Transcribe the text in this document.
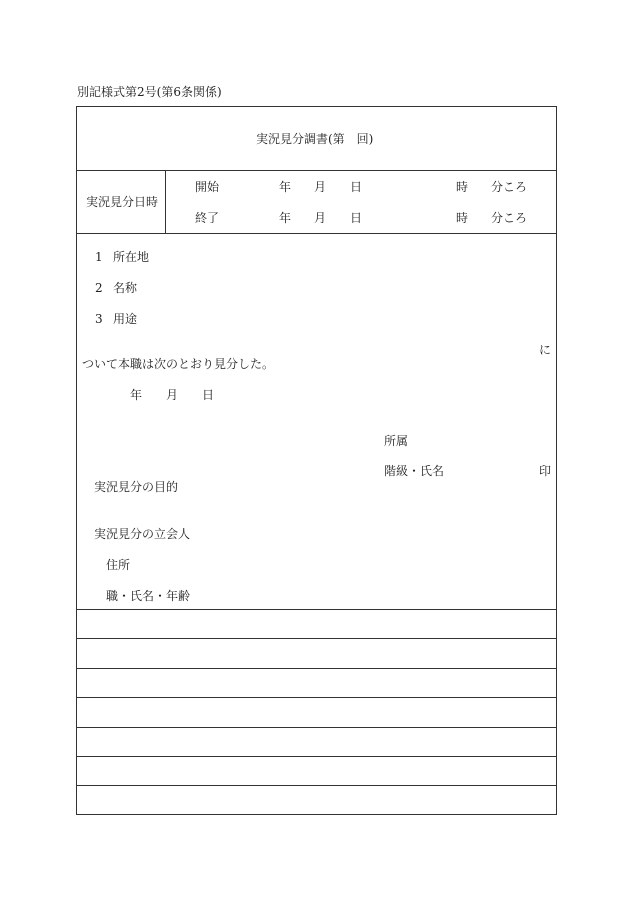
別記様式第2号(第6条関係)
実況見分調書(第　回)
実況見分日時
開始	年 月 日	時 分ころ
終了	年 月 日	時 分ころ
1 所在地
2 名称
3 用途
に
ついて本職は次のとおり見分した。
年 月 日
所属
階級・氏名	印
実況見分の目的
実況見分の立会人
住所
職・氏名・年齢
